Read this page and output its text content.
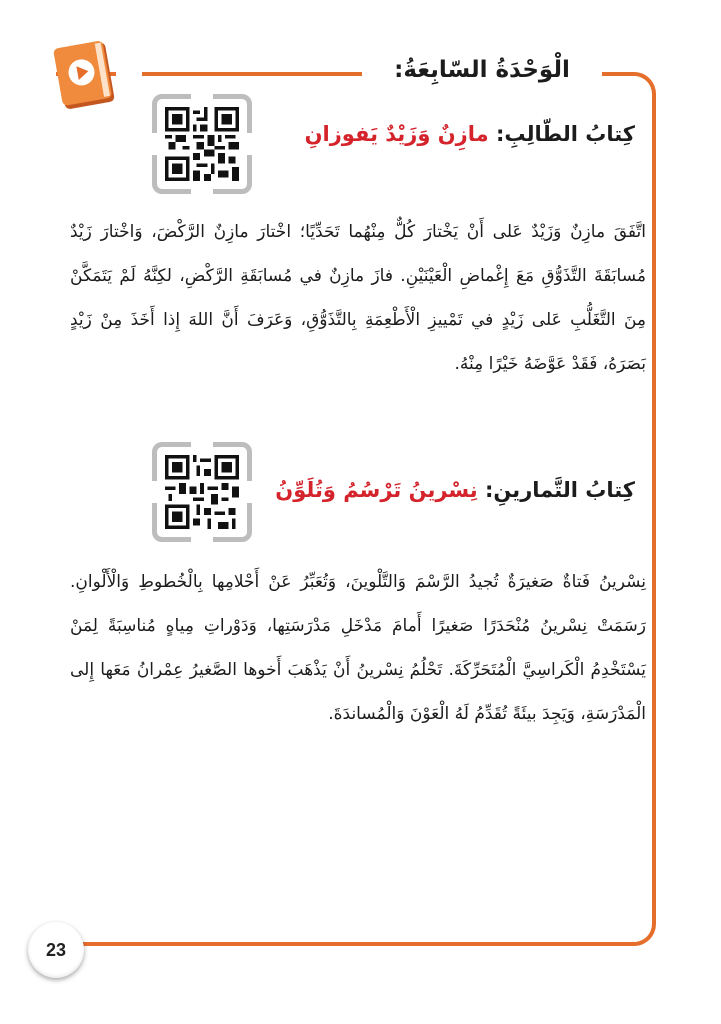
الْوَحْدَةُ السّابِعَةُ:
كِتابُ الطّالِبِ: مازِنٌ وَزَيْدٌ يَفوزانِ

اتَّفَقَ مازِنٌ وَزَيْدٌ عَلى أَنْ يَخْتارَ كُلٌّ مِنْهُما تَحَدِّيًا؛ اخْتارَ مازِنٌ الرَّكْضَ، وَاخْتارَ زَيْدٌ مُسابَقَةَ التَّذَوُّقِ مَعَ إِغْماضِ الْعَيْنَيْنِ. فازَ مازِنٌ في مُسابَقَةِ الرَّكْضِ، لكِنَّهُ لَمْ يَتَمَكَّنْ مِنَ التَّغَلُّبِ عَلى زَيْدٍ في تَمْييزِ الْأَطْعِمَةِ بِالتَّذَوُّقِ، وَعَرَفَ أَنَّ اللهَ إِذا أَخَذَ مِنْ زَيْدٍ بَصَرَهُ، فَقَدْ عَوَّضَهُ خَيْرًا مِنْهُ.

كِتابُ التَّمارينِ: نِسْرينُ تَرْسُمُ وَتُلَوِّنُ

نِسْرينُ فَتاةٌ صَغيرَةٌ تُجيدُ الرَّسْمَ وَالتَّلْوينَ، وَتُعَبِّرُ عَنْ أَحْلامِها بِالْخُطوطِ وَالْأَلْوانِ. رَسَمَتْ نِسْرينُ مُنْحَدَرًا صَغيرًا أَمامَ مَدْخَلِ مَدْرَسَتِها، وَدَوْراتِ مِياهٍ مُناسِبَةً لِمَنْ يَسْتَخْدِمُ الْكَراسِيَّ الْمُتَحَرِّكَةَ. تَحْلُمُ نِسْرينُ أَنْ يَذْهَبَ أَخوها الصَّغيرُ عِمْرانُ مَعَها إِلى الْمَدْرَسَةِ، وَيَجِدَ بيئَةً تُقَدِّمُ لَهُ الْعَوْنَ وَالْمُساندَةَ.

23
